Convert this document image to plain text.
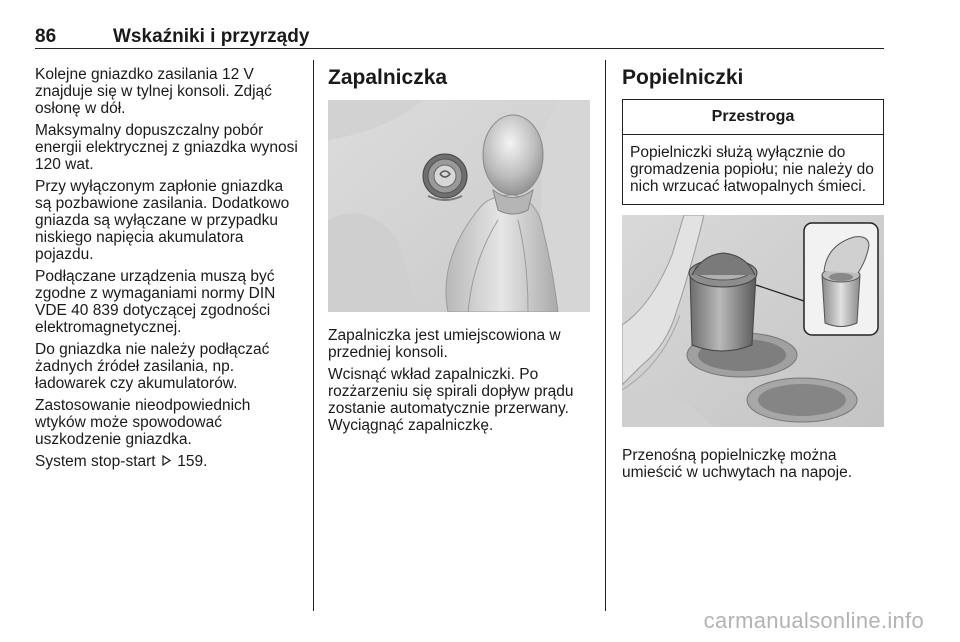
86	Wskaźniki i przyrządy

Kolejne gniazdko zasilania 12 V znajduje się w tylnej konsoli. Zdjąć osłonę w dół.

Maksymalny dopuszczalny pobór energii elektrycznej z gniazdka wynosi 120 wat.

Przy wyłączonym zapłonie gniazdka są pozbawione zasilania. Dodatkowo gniazda są wyłączane w przypadku niskiego napięcia akumulatora pojazdu.

Podłączane urządzenia muszą być zgodne z wymaganiami normy DIN VDE 40 839 dotyczącej zgodności elektromagnetycznej.

Do gniazdka nie należy podłączać żadnych źródeł zasilania, np. ładowarek czy akumulatorów.

Zastosowanie nieodpowiednich wtyków może spowodować uszkodzenie gniazdka.

System stop-start 159.

Zapalniczka

Zapalniczka jest umiejscowiona w przedniej konsoli.

Wcisnąć wkład zapalniczki. Po rozżarzeniu się spirali dopływ prądu zostanie automatycznie przerwany. Wyciągnąć zapalniczkę.

Popielniczki
Przestroga
Popielniczki służą wyłącznie do gromadzenia popiołu; nie należy do nich wrzucać łatwopalnych śmieci.

Przenośną popielniczkę można umieścić w uchwytach na napoje.

carmanualsonline.info
